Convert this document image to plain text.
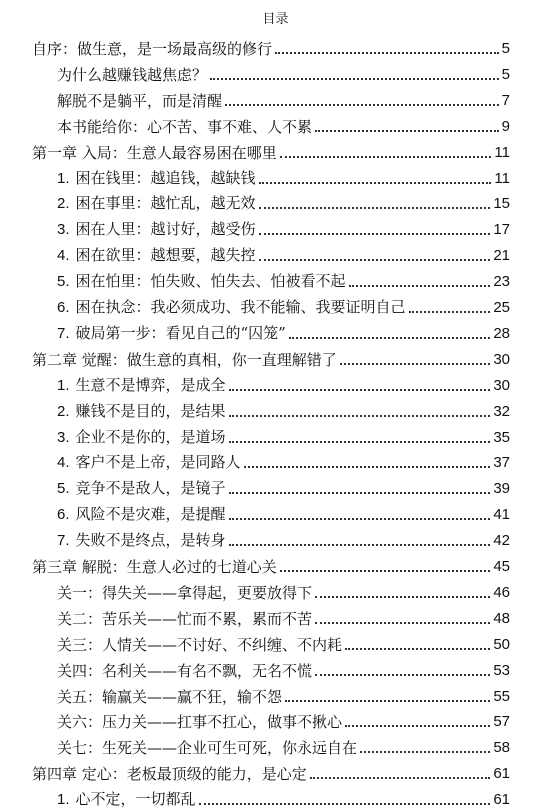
目录
自序：做生意，是一场最高级的修行	5
为什么越赚钱越焦虑？	5
解脱不是躺平，而是清醒	7
本书能给你：心不苦、事不难、人不累	9
第一章 入局：生意人最容易困在哪里	11
1. 困在钱里：越追钱，越缺钱	11
2. 困在事里：越忙乱，越无效	15
3. 困在人里：越讨好，越受伤	17
4. 困在欲里：越想要，越失控	21
5. 困在怕里：怕失败、怕失去、怕被看不起	23
6. 困在执念：我必须成功、我不能输、我要证明自己	25
7. 破局第一步：看见自己的“囚笼”	28
第二章 觉醒：做生意的真相，你一直理解错了	30
1. 生意不是博弈，是成全	30
2. 赚钱不是目的，是结果	32
3. 企业不是你的，是道场	35
4. 客户不是上帝，是同路人	37
5. 竞争不是敌人，是镜子	39
6. 风险不是灾难，是提醒	41
7. 失败不是终点，是转身	42
第三章 解脱：生意人必过的七道心关	45
关一：得失关——拿得起，更要放得下	46
关二：苦乐关——忙而不累，累而不苦	48
关三：人情关——不讨好、不纠缠、不内耗	50
关四：名利关——有名不飘，无名不慌	53
关五：输赢关——赢不狂，输不怨	55
关六：压力关——扛事不扛心，做事不揪心	57
关七：生死关——企业可生可死，你永远自在	58
第四章 定心：老板最顶级的能力，是心定	61
1. 心不定，一切都乱	61
